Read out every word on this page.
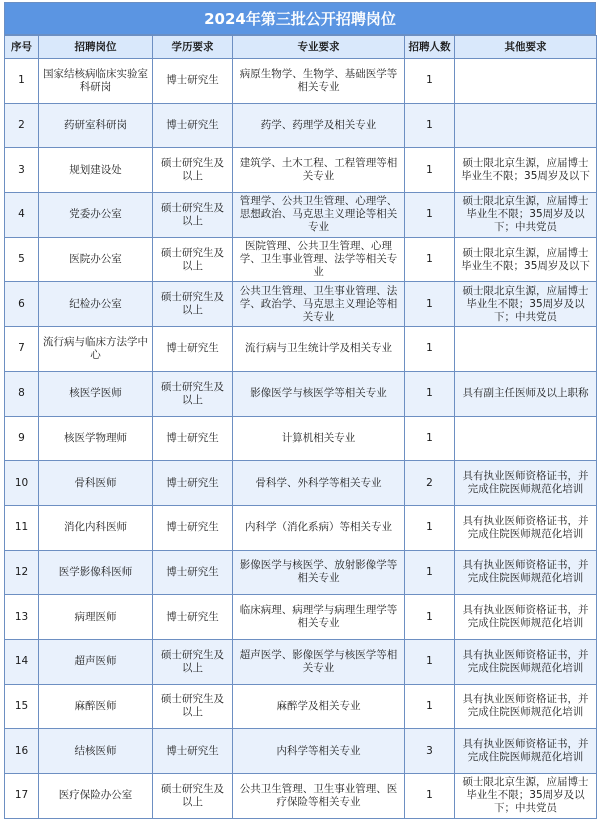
2024年第三批公开招聘岗位
序号	招聘岗位	学历要求	专业要求	招聘人数	其他要求
1	国家结核病临床实验室科研岗	博士研究生	病原生物学、生物学、基础医学等相关专业	1	
2	药研室科研岗	博士研究生	药学、药理学及相关专业	1	
3	规划建设处	硕士研究生及以上	建筑学、土木工程、工程管理等相关专业	1	硕士限北京生源，应届博士毕业生不限；35周岁及以下
4	党委办公室	硕士研究生及以上	管理学、公共卫生管理、心理学、思想政治、马克思主义理论等相关专业	1	硕士限北京生源，应届博士毕业生不限；35周岁及以下；中共党员
5	医院办公室	硕士研究生及以上	医院管理、公共卫生管理、心理学、卫生事业管理、法学等相关专业	1	硕士限北京生源，应届博士毕业生不限；35周岁及以下
6	纪检办公室	硕士研究生及以上	公共卫生管理、卫生事业管理、法学、政治学、马克思主义理论等相关专业	1	硕士限北京生源，应届博士毕业生不限；35周岁及以下；中共党员
7	流行病与临床方法学中心	博士研究生	流行病与卫生统计学及相关专业	1	
8	核医学医师	硕士研究生及以上	影像医学与核医学等相关专业	1	具有副主任医师及以上职称
9	核医学物理师	博士研究生	计算机相关专业	1	
10	骨科医师	博士研究生	骨科学、外科学等相关专业	2	具有执业医师资格证书，并完成住院医师规范化培训
11	消化内科医师	博士研究生	内科学（消化系病）等相关专业	1	具有执业医师资格证书，并完成住院医师规范化培训
12	医学影像科医师	博士研究生	影像医学与核医学、放射影像学等相关专业	1	具有执业医师资格证书，并完成住院医师规范化培训
13	病理医师	博士研究生	临床病理、病理学与病理生理学等相关专业	1	具有执业医师资格证书，并完成住院医师规范化培训
14	超声医师	硕士研究生及以上	超声医学、影像医学与核医学等相关专业	1	具有执业医师资格证书，并完成住院医师规范化培训
15	麻醉医师	硕士研究生及以上	麻醉学及相关专业	1	具有执业医师资格证书，并完成住院医师规范化培训
16	结核医师	博士研究生	内科学等相关专业	3	具有执业医师资格证书，并完成住院医师规范化培训
17	医疗保险办公室	硕士研究生及以上	公共卫生管理、卫生事业管理、医疗保险等相关专业	1	硕士限北京生源，应届博士毕业生不限；35周岁及以下；中共党员
